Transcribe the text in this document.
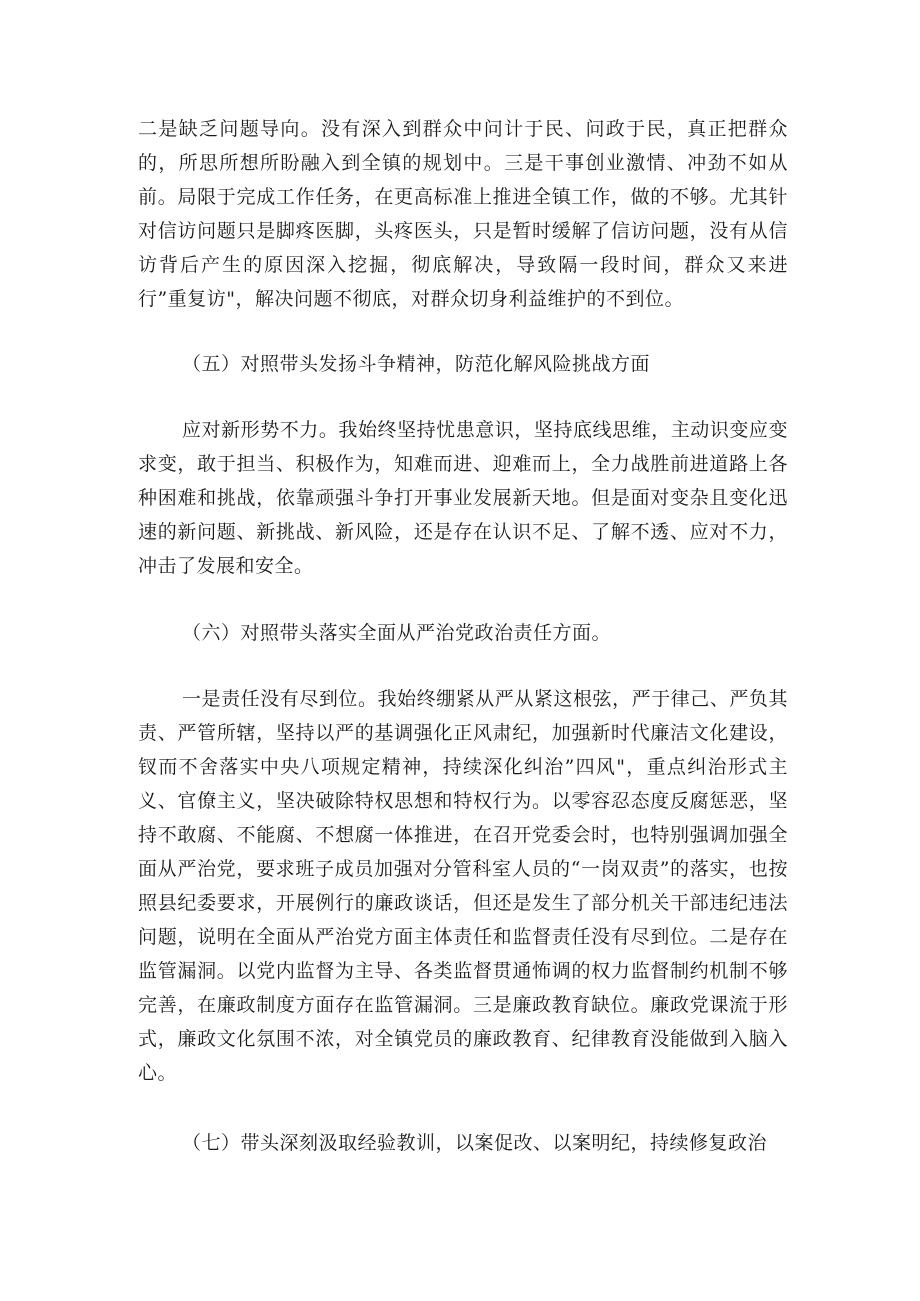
二是缺乏问题导向。没有深入到群众中问计于民、问政于民，真正把群众的，所思所想所盼融入到全镇的规划中。三是干事创业激情、冲劲不如从前。局限于完成工作任务，在更高标准上推进全镇工作，做的不够。尤其针对信访问题只是脚疼医脚，头疼医头，只是暂时缓解了信访问题，没有从信访背后产生的原因深入挖掘，彻底解决，导致隔一段时间，群众又来进行”重复访"，解决问题不彻底，对群众切身利益维护的不到位。

（五）对照带头发扬斗争精神，防范化解风险挑战方面

应对新形势不力。我始终坚持忧患意识，坚持底线思维，主动识变应变求变，敢于担当、积极作为，知难而进、迎难而上，全力战胜前进道路上各种困难和挑战，依靠顽强斗争打开事业发展新天地。但是面对变杂且变化迅速的新问题、新挑战、新风险，还是存在认识不足、了解不透、应对不力，冲击了发展和安全。

（六）对照带头落实全面从严治党政治责任方面。

一是责任没有尽到位。我始终绷紧从严从紧这根弦，严于律己、严负其责、严管所辖，坚持以严的基调强化正风肃纪，加强新时代廉洁文化建设，钗而不舍落实中央八项规定精神，持续深化纠治”四风"，重点纠治形式主义、官僚主义，坚决破除特权思想和特权行为。以零容忍态度反腐惩恶，坚持不敢腐、不能腐、不想腐一体推进，在召开党委会时，也特别强调加强全面从严治党，要求班子成员加强对分管科室人员的“一岗双责”的落实，也按照县纪委要求，开展例行的廉政谈话，但还是发生了部分机关干部违纪违法问题，说明在全面从严治党方面主体责任和监督责任没有尽到位。二是存在监管漏洞。以党内监督为主导、各类监督贯通怖调的权力监督制约机制不够完善，在廉政制度方面存在监管漏洞。三是廉政教育缺位。廉政党课流于形式，廉政文化氛围不浓，对全镇党员的廉政教育、纪律教育没能做到入脑入心。

（七）带头深刻汲取经验教训，以案促改、以案明纪，持续修复政治
